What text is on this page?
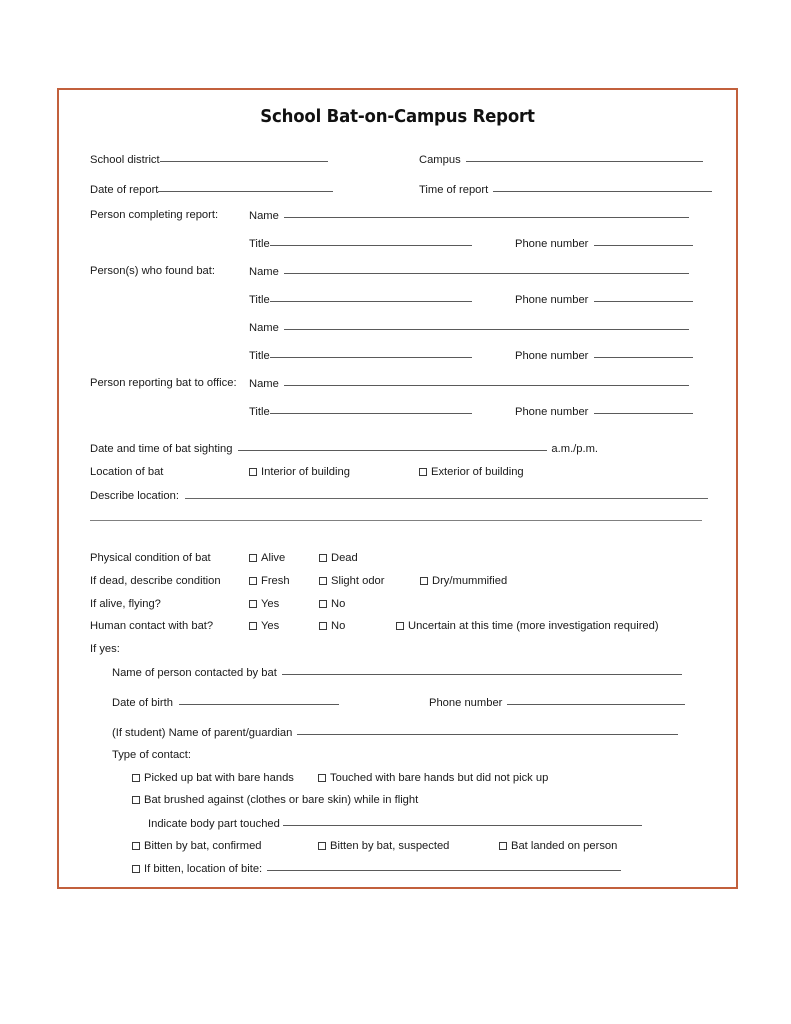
School Bat-on-Campus Report
School district	Campus
Date of report	Time of report
Person completing report:	Name
Title	Phone number
Person(s) who found bat:	Name
Title	Phone number
Name
Title	Phone number
Person reporting bat to office: Name
Title	Phone number
Date and time of bat sighting	a.m./p.m.
Location of bat	Interior of building	Exterior of building
Describe location:
Physical condition of bat	Alive	Dead
If dead, describe condition	Fresh	Slight odor	Dry/mummified
If alive, flying?	Yes	No
Human contact with bat?	Yes	No	Uncertain at this time (more investigation required)
If yes:
Name of person contacted by bat
Date of birth	Phone number
(If student) Name of parent/guardian
Type of contact:
Picked up bat with bare hands	Touched with bare hands but did not pick up
Bat brushed against (clothes or bare skin) while in flight
Indicate body part touched
Bitten by bat, confirmed	Bitten by bat, suspected	Bat landed on person
If bitten, location of bite:
